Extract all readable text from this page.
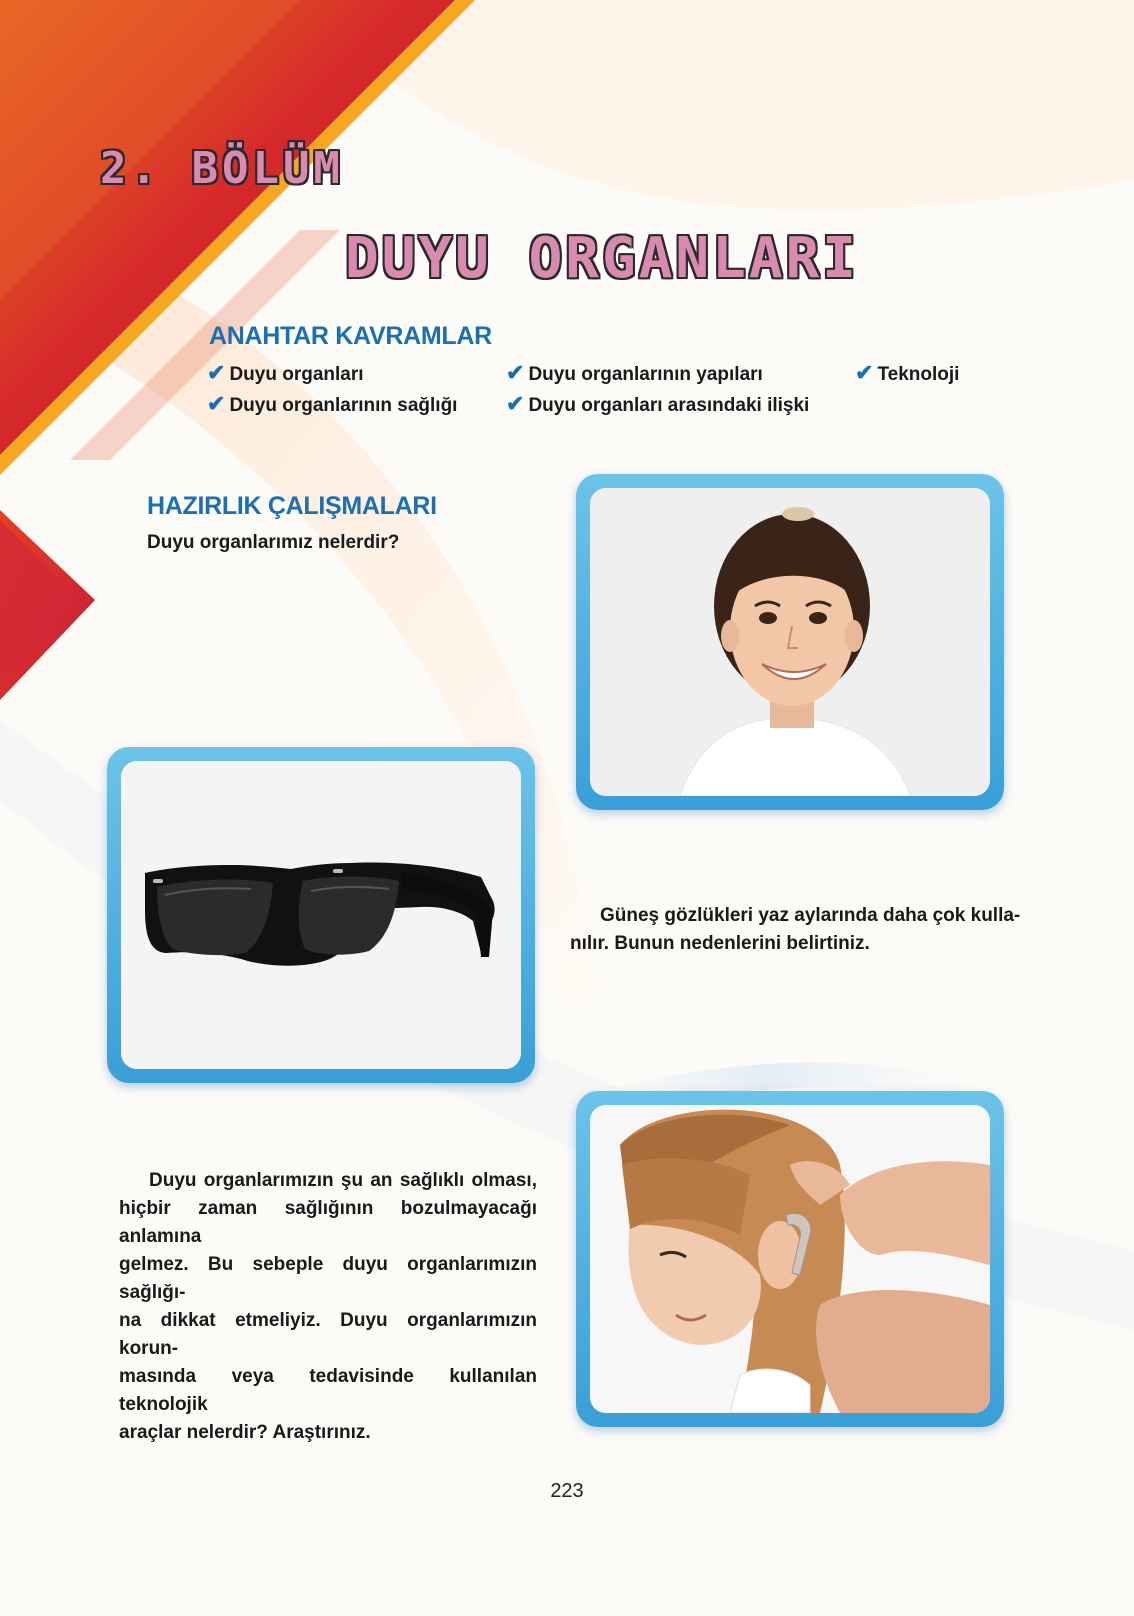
2. BÖLÜM
DUYU ORGANLARI
ANAHTAR KAVRAMLAR
✔ Duyu organları	✔ Duyu organlarının yapıları	✔ Teknoloji
✔ Duyu organlarının sağlığı ✔ Duyu organları arasındaki ilişki
HAZIRLIK ÇALIŞMALARI
Duyu organlarımız nelerdir?
Güneş gözlükleri yaz aylarında daha çok kulla-
nılır. Bunun nedenlerini belirtiniz.
Duyu organlarımızın şu an sağlıklı olması,
hiçbir zaman sağlığının bozulmayacağı anlamına
gelmez. Bu sebeple duyu organlarımızın sağlığı-
na dikkat etmeliyiz. Duyu organlarımızın korun-
masında veya tedavisinde kullanılan teknolojik
araçlar nelerdir? Araştırınız.
223
